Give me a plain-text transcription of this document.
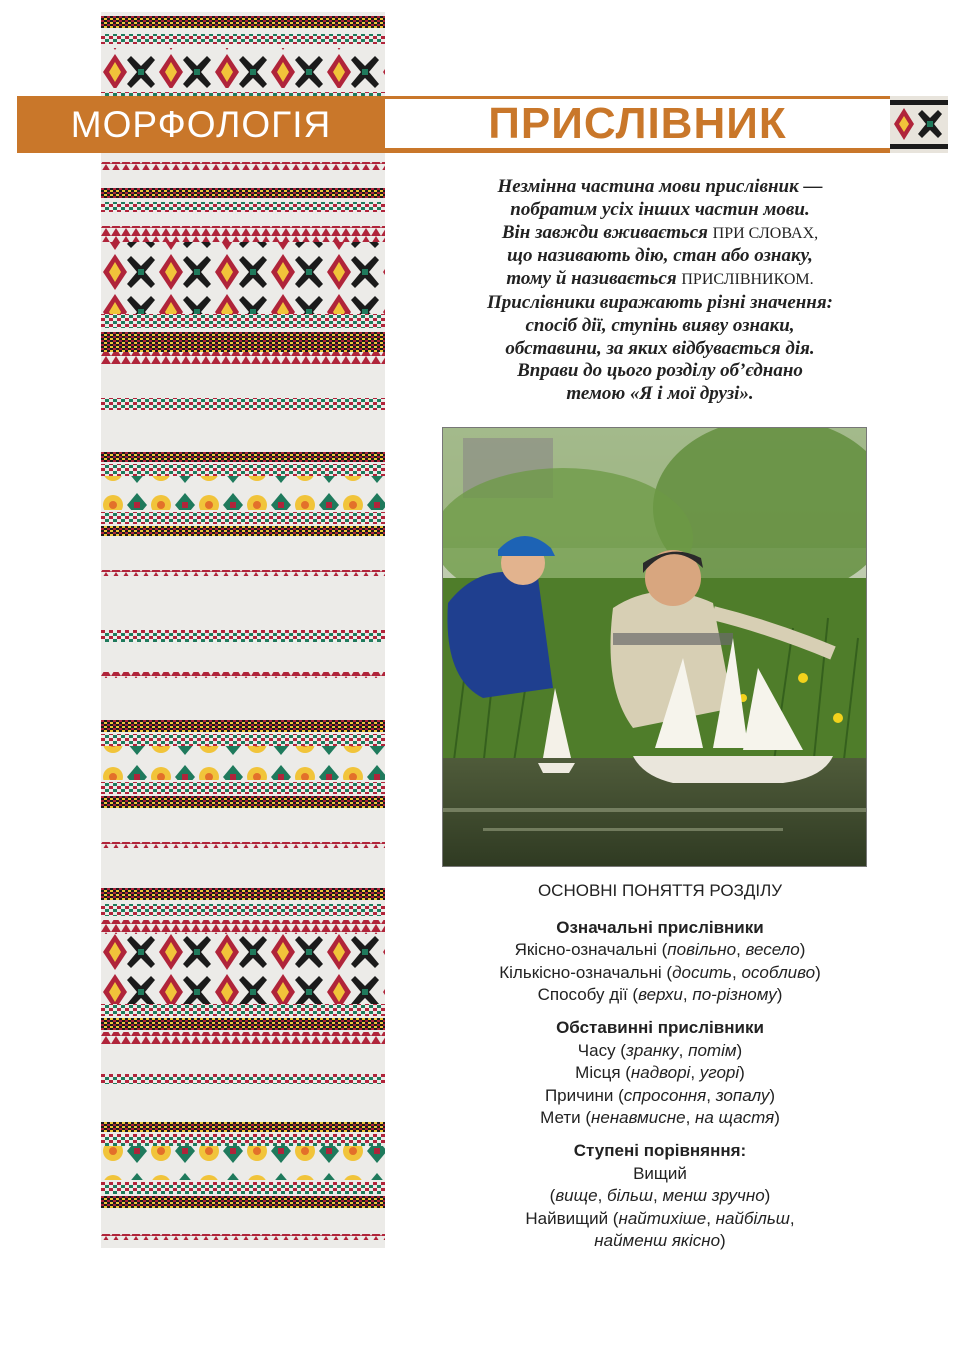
МОРФОЛОГІЯ	ПРИСЛІВНИК
Незмінна частина мови прислівник —
побратим усіх інших частин мови.
Він завжди вживається ПРИ СЛОВАХ,
що називають дію, стан або ознаку,
тому й називається ПРИСЛІВНИКОМ.
Прислівники виражають різні значення:
спосіб дії, ступінь вияву ознаки,
обставини, за яких відбувається дія.
Вправи до цього розділу об’єднано
темою «Я і мої друзі».
ОСНОВНІ ПОНЯТТЯ РОЗДІЛУ
Означальні прислівники
Якісно-означальні (повільно, весело)
Кількісно-означальні (досить, особливо)
Способу дії (верхи, по-різному)
Обставинні прислівники
Часу (зранку, потім)
Місця (надворі, угорі)
Причини (спросоння, зопалу)
Мети (ненавмисне, на щастя)
Ступені порівняння:
Вищий
(вище, більш, менш зручно)
Найвищий (найтихіше, найбільш,
найменш якісно)
